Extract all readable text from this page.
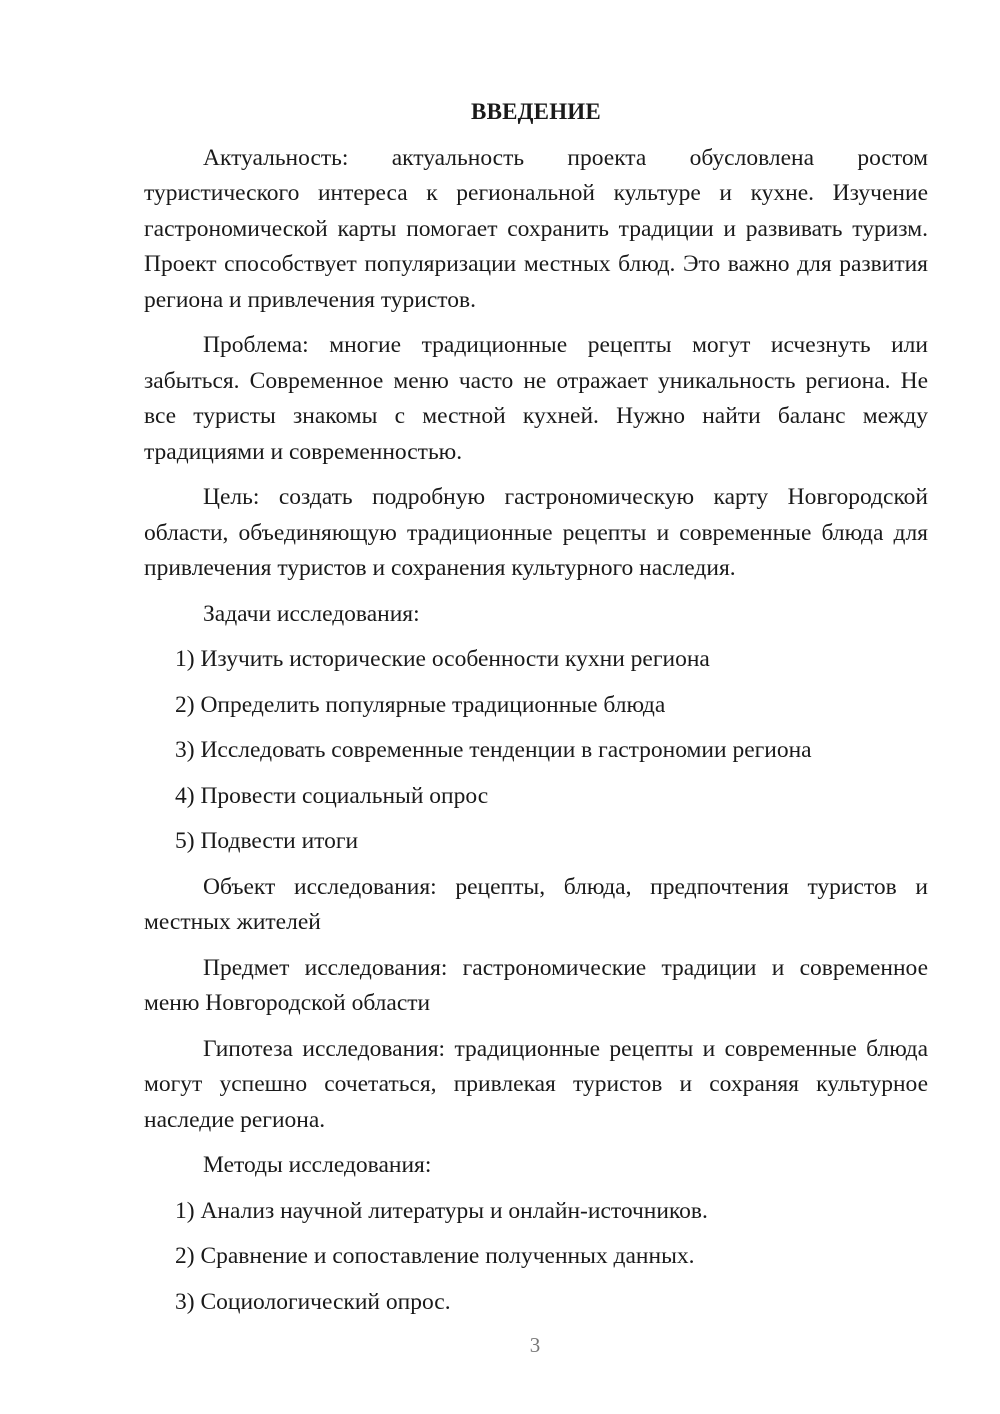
ВВЕДЕНИЕ

Актуальность: актуальность проекта обусловлена ростом туристического интереса к региональной культуре и кухне. Изучение гастрономической карты помогает сохранить традиции и развивать туризм. Проект способствует популяризации местных блюд. Это важно для развития региона и привлечения туристов.

Проблема: многие традиционные рецепты могут исчезнуть или забыться. Современное меню часто не отражает уникальность региона. Не все туристы знакомы с местной кухней. Нужно найти баланс между традициями и современностью.

Цель: создать подробную гастрономическую карту Новгородской области, объединяющую традиционные рецепты и современные блюда для привлечения туристов и сохранения культурного наследия.

Задачи исследования:
1) Изучить исторические особенности кухни региона
2) Определить популярные традиционные блюда
3) Исследовать современные тенденции в гастрономии региона
4) Провести социальный опрос
5) Подвести итоги

Объект исследования: рецепты, блюда, предпочтения туристов и местных жителей

Предмет исследования: гастрономические традиции и современное меню Новгородской области

Гипотеза исследования: традиционные рецепты и современные блюда могут успешно сочетаться, привлекая туристов и сохраняя культурное наследие региона.

Методы исследования:
1) Анализ научной литературы и онлайн-источников.
2) Сравнение и сопоставление полученных данных.
3) Социологический опрос.
3
